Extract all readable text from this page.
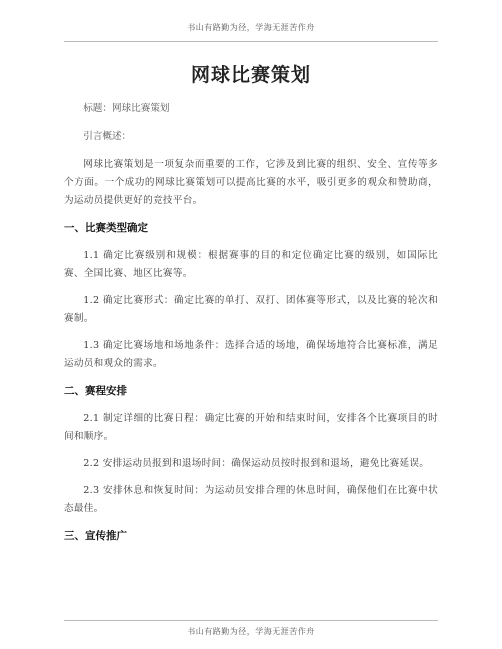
书山有路勤为径，学海无涯苦作舟
网球比赛策划

标题：网球比赛策划

引言概述：

网球比赛策划是一项复杂而重要的工作，它涉及到比赛的组织、安全、宣传等多个方面。一个成功的网球比赛策划可以提高比赛的水平，吸引更多的观众和赞助商，为运动员提供更好的竞技平台。

一、比赛类型确定

1.1 确定比赛级别和规模：根据赛事的目的和定位确定比赛的级别，如国际比赛、全国比赛、地区比赛等。

1.2 确定比赛形式：确定比赛的单打、双打、团体赛等形式，以及比赛的轮次和赛制。

1.3 确定比赛场地和场地条件：选择合适的场地，确保场地符合比赛标准，满足运动员和观众的需求。

二、赛程安排

2.1 制定详细的比赛日程：确定比赛的开始和结束时间，安排各个比赛项目的时间和顺序。

2.2 安排运动员报到和退场时间：确保运动员按时报到和退场，避免比赛延误。

2.3 安排休息和恢复时间：为运动员安排合理的休息时间，确保他们在比赛中状态最佳。

三、宣传推广
书山有路勤为径，学海无涯苦作舟
